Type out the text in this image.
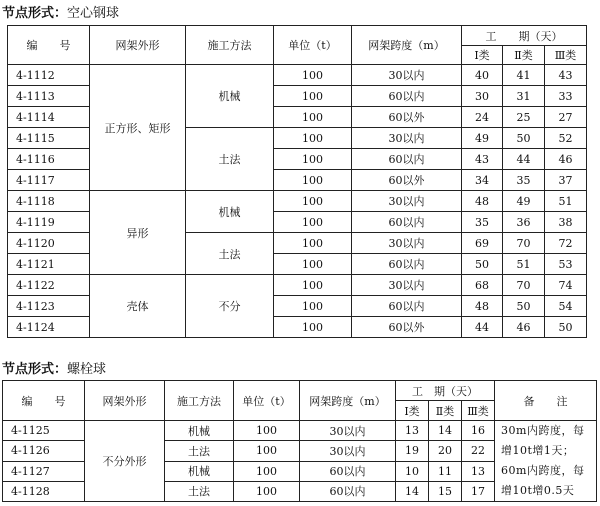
节点形式：空心钢球
编　　号	网架外形	施工方法	单位（t）	网架跨度（m）	工　　期（天）		
					Ⅰ类	Ⅱ类	Ⅲ类
4-1112	正方形、矩形	机械	100	30以内	40	41	43
4-1113			100	60以内	30	31	33
4-1114			100	60以外	24	25	27
4-1115		土法	100	30以内	49	50	52
4-1116			100	60以内	43	44	46
4-1117			100	60以外	34	35	37
4-1118	异形	机械	100	30以内	48	49	51
4-1119			100	60以内	35	36	38
4-1120		土法	100	30以内	69	70	72
4-1121			100	60以内	50	51	53
4-1122	壳体	不分	100	30以内	68	70	74
4-1123			100	60以内	48	50	54
4-1124			100	60以外	44	46	50
节点形式：螺栓球
编　　号	网架外形	施工方法	单位（t）	网架跨度（m）	工　期（天）			备　　注
					Ⅰ类	Ⅱ类	Ⅲ类	
4-1125	不分外形	机械	100	30以内	13	14	16	30m内跨度，每增10t增1天；60m内跨度，每增10t增0.5天
4-1126		土法	100	30以内	19	20	22	
4-1127		机械	100	60以内	10	11	13	
4-1128		土法	100	60以内	14	15	17	
